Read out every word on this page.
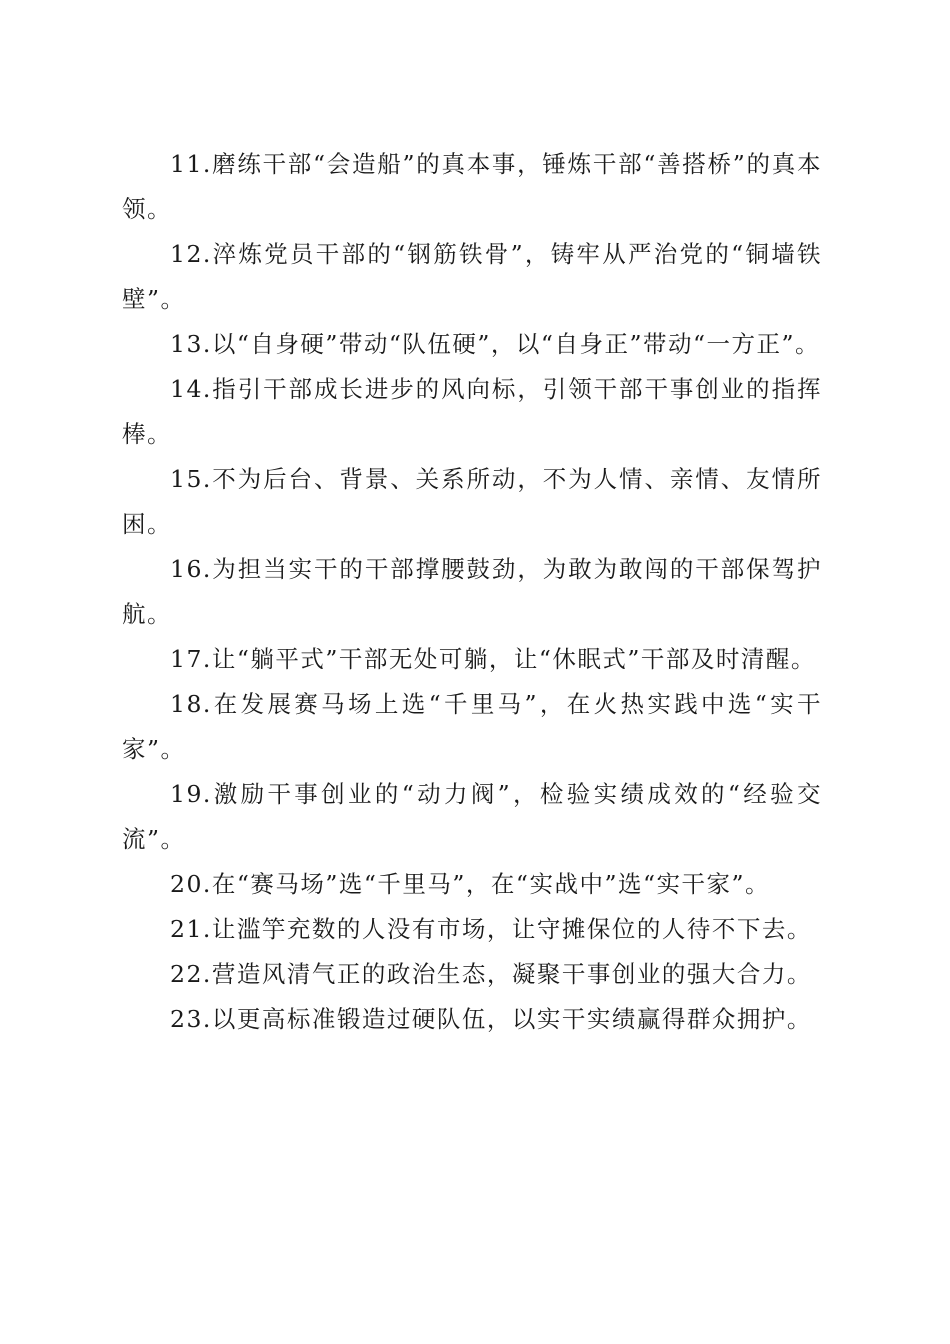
11.磨练干部“会造船”的真本事，锤炼干部“善搭桥”的真本领。

12.淬炼党员干部的“钢筋铁骨”，铸牢从严治党的“铜墙铁壁”。

13.以“自身硬”带动“队伍硬”，以“自身正”带动“一方正”。

14.指引干部成长进步的风向标，引领干部干事创业的指挥棒。

15.不为后台、背景、关系所动，不为人情、亲情、友情所困。

16.为担当实干的干部撑腰鼓劲，为敢为敢闯的干部保驾护航。

17.让“躺平式”干部无处可躺，让“休眠式”干部及时清醒。

18.在发展赛马场上选“千里马”，在火热实践中选“实干家”。

19.激励干事创业的“动力阀”，检验实绩成效的“经验交流”。

20.在“赛马场”选“千里马”，在“实战中”选“实干家”。

21.让滥竽充数的人没有市场，让守摊保位的人待不下去。

22.营造风清气正的政治生态，凝聚干事创业的强大合力。

23.以更高标准锻造过硬队伍，以实干实绩赢得群众拥护。
